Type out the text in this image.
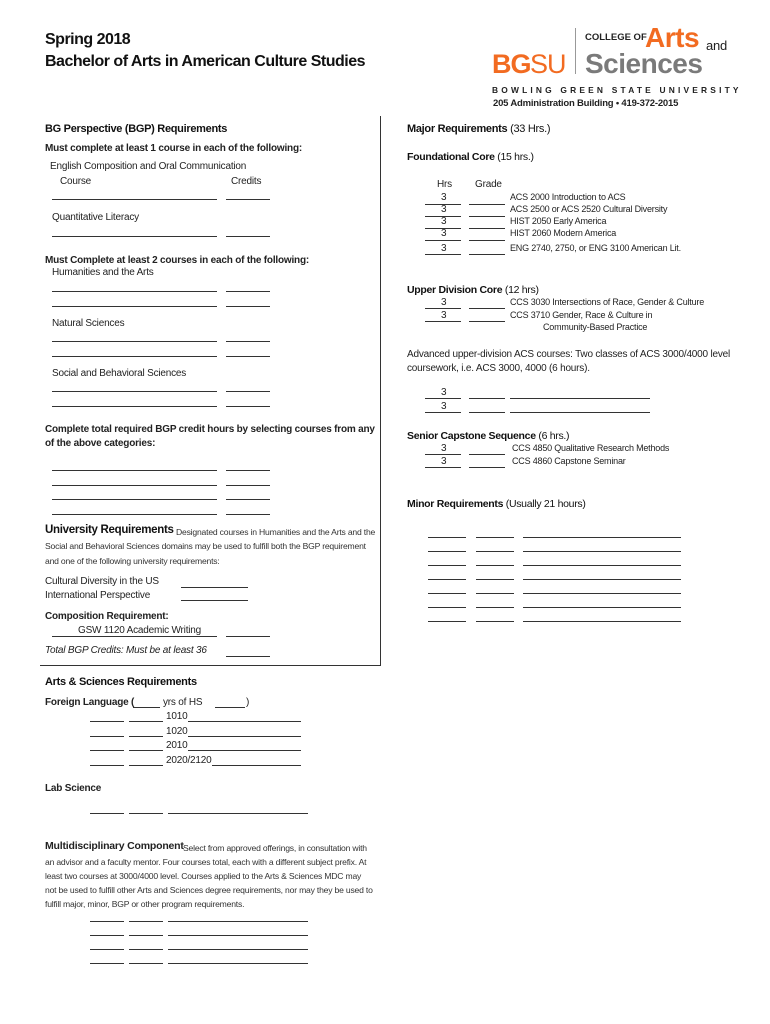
Spring 2018
Bachelor of Arts in American Culture Studies	BG SU
COLLEGE OF
Arts and
Sciences
BOWLING GREEN STATE UNIVERSITY
205 Administration Building • 419-372-2015
BG Perspective (BGP) Requirements
Must complete at least 1 course in each of the following:
English Composition and Oral Communication
Course	Credits
Quantitative Literacy
Must Complete at least 2 courses in each of the following:
Humanities and the Arts
Natural Sciences
Social and Behavioral Sciences
Complete total required BGP credit hours by selecting courses from any
of the above categories:
University Requirements Designated courses in Humanities and the Arts and the
Social and Behavioral Sciences domains may be used to fulfill both the BGP requirement
and one of the following university requirements:
Cultural Diversity in the US
International Perspective
Composition Requirement:
GSW 1120 Academic Writing
Total BGP Credits: Must be at least 36
Arts & Sciences Requirements
Foreign Language (	yrs of HS	)
1010
1020
2010
2020/2120
Lab Science
Multidisciplinary Component Select from approved offerings, in consultation with
an advisor and a faculty mentor. Four courses total, each with a different subject prefix. At
least two courses at 3000/4000 level. Courses applied to the Arts & Sciences MDC may
not be used to fulfill other Arts and Sciences degree requirements, nor may they be used to
fulfill major, minor, BGP or other program requirements.
Major Requirements (33 Hrs.)
Foundational Core (15 hrs.)
Hrs Grade
3	ACS 2000 Introduction to ACS
3	ACS 2500 or ACS 2520 Cultural Diversity
3	HIST 2050 Early America
3	HIST 2060 Modern America
3	ENG 2740, 2750, or ENG 3100 American Lit.
Upper Division Core (12 hrs)
3	CCS 3030 Intersections of Race, Gender & Culture
3	CCS 3710 Gender, Race & Culture in
Community-Based Practice
Advanced upper-division ACS courses: Two classes of ACS 3000/4000 level
coursework, i.e. ACS 3000, 4000 (6 hours).
3
3
Senior Capstone Sequence (6 hrs.)
3	CCS 4850 Qualitative Research Methods
3	CCS 4860 Capstone Seminar
Minor Requirements (Usually 21 hours)
